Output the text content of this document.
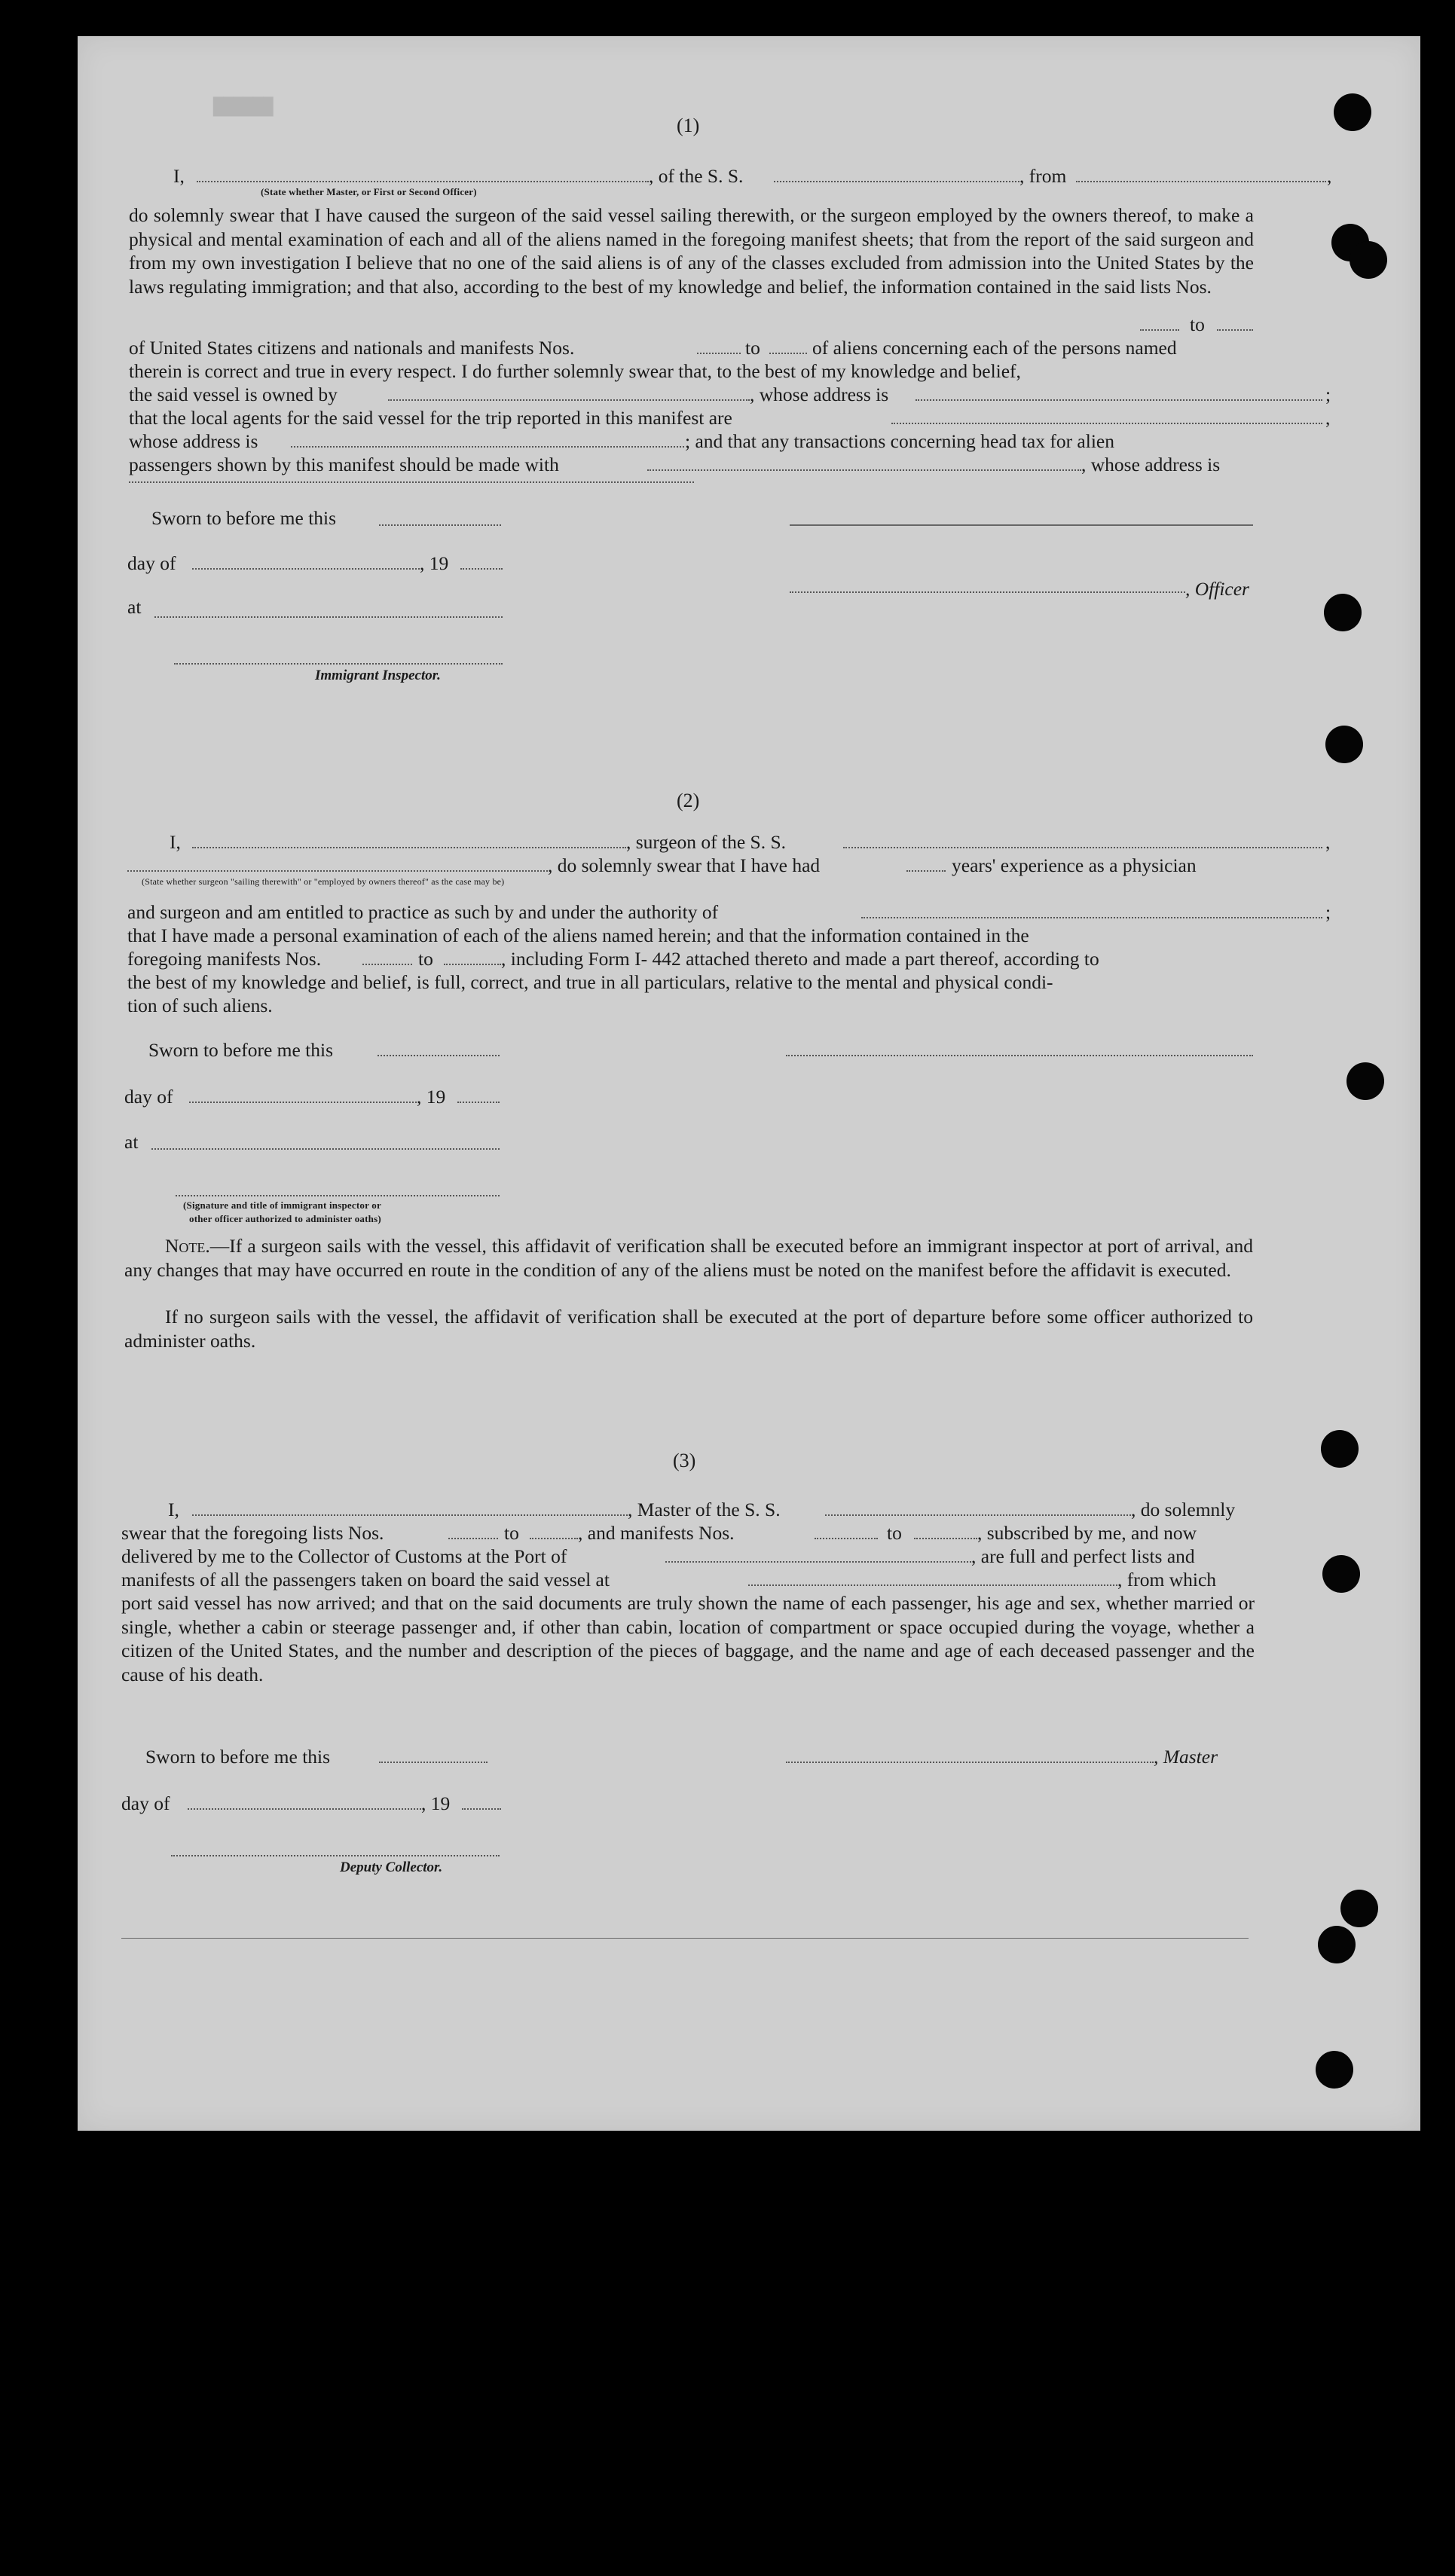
██████
(1)
I,	, of the S. S.	, from	,
(State whether Master, or First or Second Officer)
do solemnly swear that I have caused the surgeon of the said vessel sailing therewith, or the surgeon employed by the owners thereof, to make a physical and mental examination of each and all of the aliens named in the foregoing manifest sheets; that from the report of the said surgeon and from my own investigation I believe that no one of the said aliens is of any of the classes excluded from admission into the United States by the laws regulating immigration; and that also, according to the best of my knowledge and belief, the information contained in the said lists Nos.
to
of United States citizens and nationals and manifests Nos.	to	of aliens concerning each of the persons named
therein is correct and true in every respect. I do further solemnly swear that, to the best of my knowledge and belief,
the said vessel is owned by	, whose address is	;
that the local agents for the said vessel for the trip reported in this manifest are	,
whose address is	; and that any transactions concerning head tax for alien
passengers shown by this manifest should be made with	, whose address is
Sworn to before me this
day of	, 19
, Officer
at
Immigrant Inspector.
(2)
I,	, surgeon of the S. S.	,
, do solemnly swear that I have had	years' experience as a physician
(State whether surgeon "sailing therewith" or "employed by owners thereof" as the case may be)
and surgeon and am entitled to practice as such by and under the authority of	;
that I have made a personal examination of each of the aliens named herein; and that the information contained in the
foregoing manifests Nos.	to	, including Form I- 442 attached thereto and made a part thereof, according to
the best of my knowledge and belief, is full, correct, and true in all particulars, relative to the mental and physical condi-
tion of such aliens.
Sworn to before me this
day of	, 19
at
(Signature and title of immigrant inspector or
other officer authorized to administer oaths)
Note.—If a surgeon sails with the vessel, this affidavit of verification shall be executed before an immigrant inspector at port of arrival, and any changes that may have occurred en route in the condition of any of the aliens must be noted on the manifest before the affidavit is executed.
If no surgeon sails with the vessel, the affidavit of verification shall be executed at the port of departure before some officer authorized to administer oaths.
(3)
I,	, Master of the S. S.	, do solemnly
swear that the foregoing lists Nos.	to	, and manifests Nos.	to	, subscribed by me, and now
delivered by me to the Collector of Customs at the Port of	, are full and perfect lists and
manifests of all the passengers taken on board the said vessel at	, from which
port said vessel has now arrived; and that on the said documents are truly shown the name of each passenger, his age and sex, whether married or single, whether a cabin or steerage passenger and, if other than cabin, location of compartment or space occupied during the voyage, whether a citizen of the United States, and the number and description of the pieces of baggage, and the name and age of each deceased passenger and the cause of his death.
Sworn to before me this	, Master
day of	, 19
Deputy Collector.
